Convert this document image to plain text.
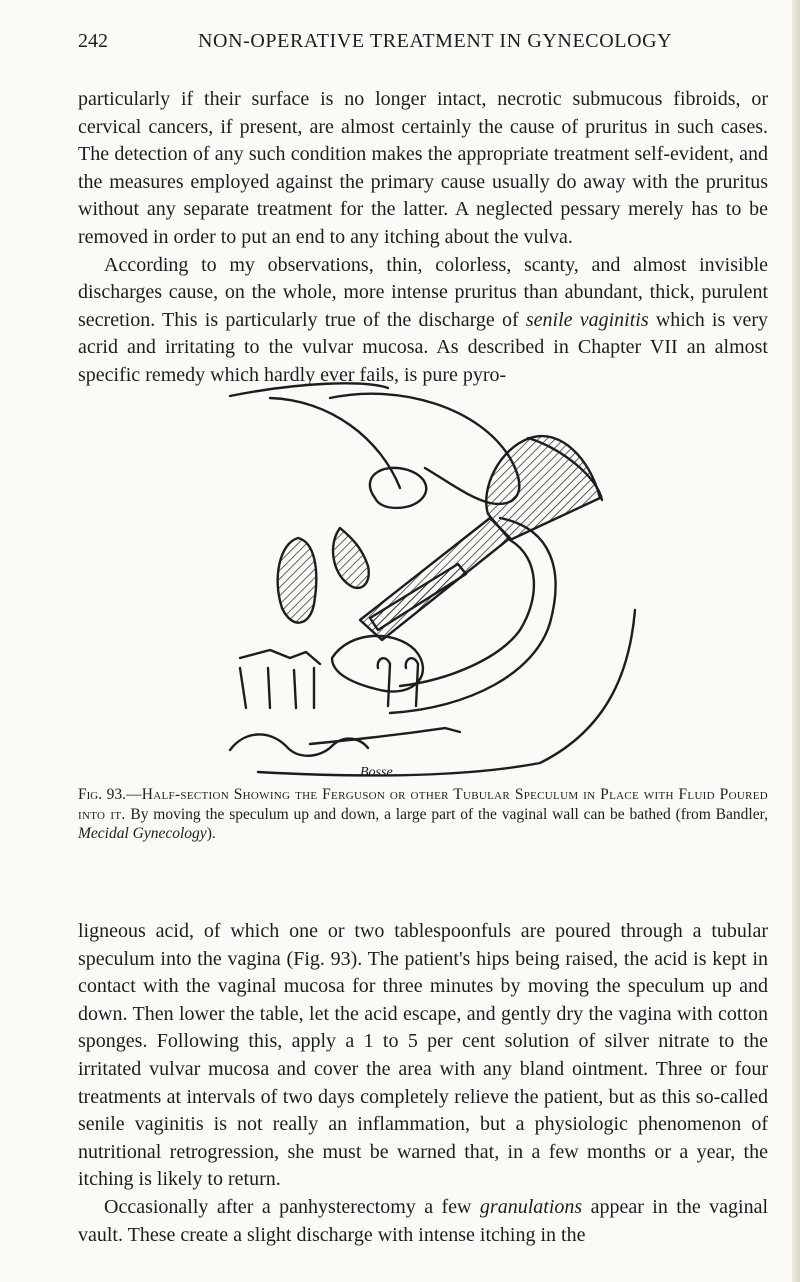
242	NON-OPERATIVE TREATMENT IN GYNECOLOGY

particularly if their surface is no longer intact, necrotic submucous fibroids, or cervical cancers, if present, are almost certainly the cause of pruritus in such cases. The detection of any such condition makes the appropriate treatment self-evident, and the measures employed against the primary cause usually do away with the pruritus without any separate treatment for the latter. A neglected pessary merely has to be removed in order to put an end to any itching about the vulva.

According to my observations, thin, colorless, scanty, and almost invisible discharges cause, on the whole, more intense pruritus than abundant, thick, purulent secretion. This is particularly true of the discharge of senile vaginitis which is very acrid and irritating to the vulvar mucosa. As described in Chapter VII an almost specific remedy which hardly ever fails, is pure pyro-

Bosse
Fig. 93.—Half-section Showing the Ferguson or other Tubular Speculum in Place with Fluid Poured into it. By moving the speculum up and down, a large part of the vaginal wall can be bathed (from Bandler, Mecidal Gynecology).

ligneous acid, of which one or two tablespoonfuls are poured through a tubular speculum into the vagina (Fig. 93). The patient's hips being raised, the acid is kept in contact with the vaginal mucosa for three minutes by moving the speculum up and down. Then lower the table, let the acid escape, and gently dry the vagina with cotton sponges. Following this, apply a 1 to 5 per cent solution of silver nitrate to the irritated vulvar mucosa and cover the area with any bland ointment. Three or four treatments at intervals of two days completely relieve the patient, but as this so-called senile vaginitis is not really an inflammation, but a physiologic phenomenon of nutritional retrogression, she must be warned that, in a few months or a year, the itching is likely to return.

Occasionally after a panhysterectomy a few granulations appear in the vaginal vault. These create a slight discharge with intense itching in the
